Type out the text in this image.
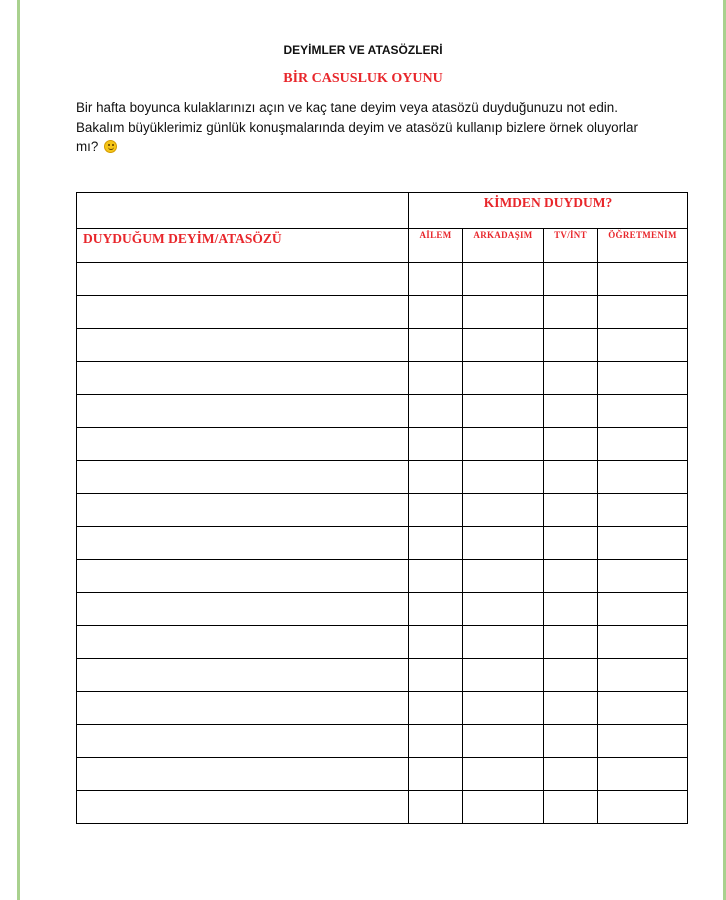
DEYİMLER VE ATASÖZLERİ
BİR CASUSLUK OYUNU
Bir hafta boyunca kulaklarınızı açın ve kaç tane deyim veya atasözü duyduğunuzu not edin.
Bakalım büyüklerimiz günlük konuşmalarında deyim ve atasözü kullanıp bizlere örnek oluyorlar
mı?
	KİMDEN DUYDUM?			
DUYDUĞUM DEYİM/ATASÖZÜ	AİLEM	ARKADAŞIM	TV/İNT	ÖĞRETMENİM
